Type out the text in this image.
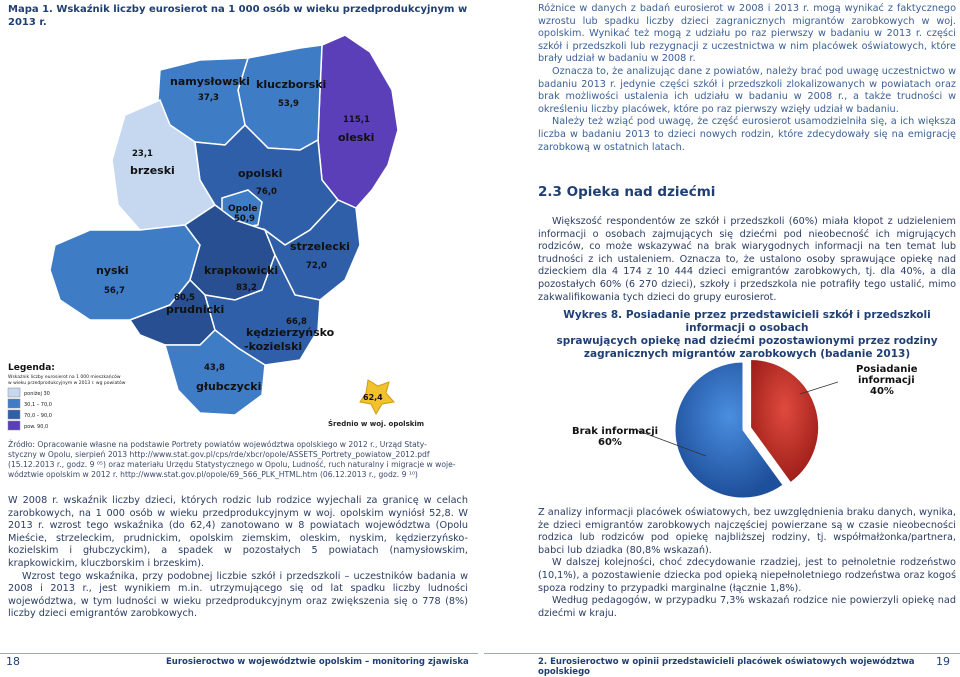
Mapa 1. Wskaźnik liczby eurosierot na 1 000 osób w wieku przedprodukcyjnym w 2013 r.
namysłowski
37,3
kluczborski
53,9
115,1
oleski
23,1
brzeski	opolski
76,0
Opole
50,9
nyski
56,7
krapkowicki
83,2
strzelecki
72,0
80,5
prudnicki
66,8
kędzierzyńsko
-kozielski
43,8
głubczycki
62,4
Średnio w woj. opolskim
Legenda:
Wskaźnik liczby eurosierot na 1 000 mieszkańców
w wieku przedprodukcyjnym w 2013 r. wg powiatów
poniżej 30
30,1 – 70,0
70,0 – 90,0
pow. 90,0
Źródło: Opracowanie własne na podstawie Portrety powiatów województwa opolskiego w 2012 r., Urząd Staty-
styczny w Opolu, sierpień 2013 http://www.stat.gov.pl/cps/rde/xbcr/opole/ASSETS_Portrety_powiatow_2012.pdf
(15.12.2013 r., godz. 9 ⁰⁵) oraz materiału Urzędu Statystycznego w Opolu, Ludność, ruch naturalny i migracje w woje-
wództwie opolskim w 2012 r. http://www.stat.gov.pl/opole/69_566_PLK_HTML.htm (06.12.2013 r., godz. 9 ¹⁰)

W 2008 r. wskaźnik liczby dzieci, których rodzic lub rodzice wyjechali za granicę w celach zarobkowych, na 1 000 osób w wieku przedprodukcyjnym w woj. opolskim wyniósł 52,8. W 2013 r. wzrost tego wskaźnika (do 62,4) zanotowano w 8 powiatach województwa (Opolu Mieście, strzeleckim, prudnickim, opolskim ziemskim, oleskim, nyskim, kędzierzyńsko-kozielskim i głubczyckim), a spadek w pozostałych 5 powiatach (namysłowskim, krapkowickim, kluczborskim i brzeskim).

Wzrost tego wskaźnika, przy podobnej liczbie szkół i przedszkoli – uczestników badania w 2008 i 2013 r., jest wynikiem m.in. utrzymującego się od lat spadku liczby ludności województwa, w tym ludności w wieku przedprodukcyjnym oraz zwiększenia się o 778 (8%) liczby dzieci emigrantów zarobkowych.

Różnice w danych z badań eurosierot w 2008 i 2013 r. mogą wynikać z faktycznego wzrostu lub spadku liczby dzieci zagranicznych migrantów zarobkowych w woj. opolskim. Wynikać też mogą z udziału po raz pierwszy w badaniu w 2013 r. części szkół i przedszkoli lub rezygnacji z uczestnictwa w nim placówek oświatowych, które brały udział w badaniu w 2008 r.

Oznacza to, że analizując dane z powiatów, należy brać pod uwagę uczestnictwo w badaniu 2013 r. jedynie części szkół i przedszkoli zlokalizowanych w powiatach oraz brak możliwości ustalenia ich udziału w badaniu w 2008 r., a także trudności w określeniu liczby placówek, które po raz pierwszy wzięły udział w badaniu.

Należy też wziąć pod uwagę, że część eurosierot usamodzielniła się, a ich większa liczba w badaniu 2013 to dzieci nowych rodzin, które zdecydowały się na emigrację zarobkową w ostatnich latach.

2.3 Opieka nad dziećmi

Większość respondentów ze szkół i przedszkoli (60%) miała kłopot z udzieleniem informacji o osobach zajmujących się dziećmi pod nieobecność ich migrujących rodziców, co może wskazywać na brak wiarygodnych informacji na ten temat lub trudności z ich ustaleniem. Oznacza to, że ustalono osoby sprawujące opiekę nad dzieckiem dla 4 174 z 10 444 dzieci emigrantów zarobkowych, tj. dla 40%, a dla pozostałych 60% (6 270 dzieci), szkoły i przedszkola nie potrafiły tego ustalić, mimo zakwalifikowania tych dzieci do grupy eurosierot.

Wykres 8. Posiadanie przez przedstawicieli szkół i przedszkoli informacji o osobach
sprawujących opiekę nad dziećmi pozostawionymi przez rodziny
zagranicznych migrantów zarobkowych (badanie 2013)
Posiadanie
informacji
40%
Brak informacji
60%

Z analizy informacji placówek oświatowych, bez uwzględnienia braku danych, wynika, że dzieci emigrantów zarobkowych najczęściej powierzane są w czasie nieobecności rodzica lub rodziców pod opiekę najbliższej rodziny, tj. współmałżonka/partnera, babci lub dziadka (80,8% wskazań).

W dalszej kolejności, choć zdecydowanie rzadziej, jest to pełnoletnie rodzeństwo (10,1%), a pozostawienie dziecka pod opieką niepełnoletniego rodzeństwa oraz kogoś spoza rodziny to przypadki marginalne (łącznie 1,8%).

Według pedagogów, w przypadku 7,3% wskazań rodzice nie powierzyli opiekę nad dziećmi w kraju.

18	Eurosieroctwo w województwie opolskim – monitoring zjawiska	2. Eurosieroctwo w opinii przedstawicieli placówek oświatowych województwa opolskiego
19
